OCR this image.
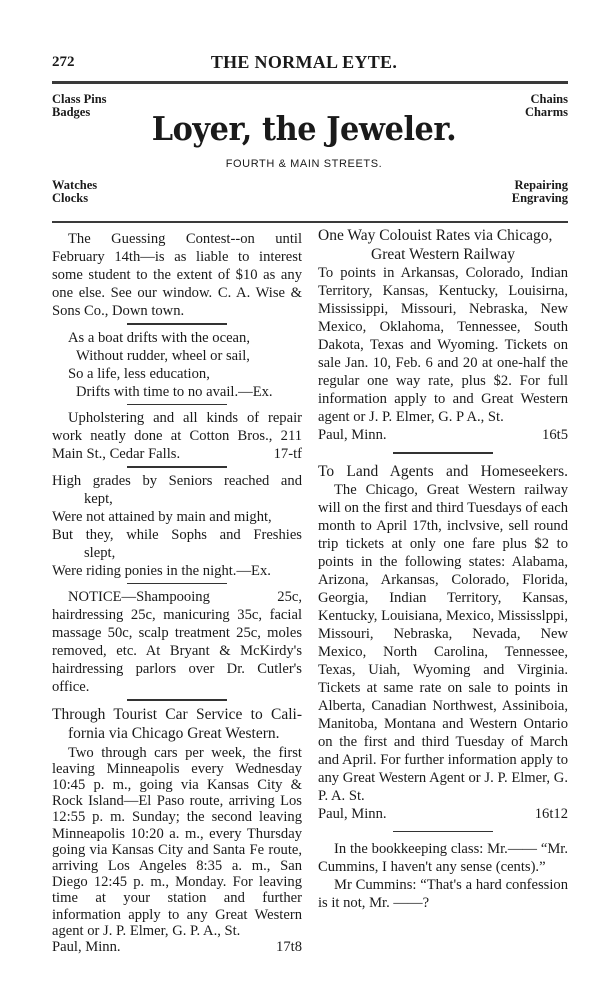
272	THE NORMAL EYTE.
Class Pins
Badges
Chains
Charms
Loyer, the Jeweler.
FOURTH & MAIN STREETS.
Watches
Clocks
Repairing
Engraving

The Guessing Contest--on until February 14th—is as liable to interest some student to the extent of $10 as any one else. See our window. C. A. Wise & Sons Co., Down town.

As a boat drifts with the ocean,
Without rudder, wheel or sail,
So a life, less education,
Drifts with time to no avail.—Ex.

Upholstering and all kinds of repair work neatly done at Cotton Bros., 211 Main St., Cedar Falls.	17-tf
High grades by Seniors reached and
kept,
Were not attained by main and might,
But they, while Sophs and Freshies
slept,
Were riding ponies in the night.—Ex.

NOTICE—Shampooing 25c, hairdressing 25c, manicuring 35c, facial massage 50c, scalp treatment 25c, moles removed, etc. At Bryant & McKirdy's hairdressing parlors over Dr. Cutler's office.

Through Tourist Car Service to Cali-
fornia via Chicago Great Western.

Two through cars per week, the first leaving Minneapolis every Wednesday 10:45 p. m., going via Kansas City & Rock Island—El Paso route, arriving Los 12:55 p. m. Sunday; the second leaving Minneapolis 10:20 a. m., every Thursday going via Kansas City and Santa Fe route, arriving Los Angeles 8:35 a. m., San Diego 12:45 p. m., Monday. For leaving time at your station and further information apply to any Great Western agent or J. P. Elmer, G. P. A., St.

Paul, Minn.	17t8
One Way Colouist Rates via Chicago,
Great Western Railway

To points in Arkansas, Colorado, Indian Territory, Kansas, Kentucky, Louisirna, Mississippi, Missouri, Nebraska, New Mexico, Oklahoma, Tennessee, South Dakota, Texas and Wyoming. Tickets on sale Jan. 10, Feb. 6 and 20 at one-half the regular one way rate, plus $2. For full information apply to and Great Western agent or J. P. Elmer, G. P A., St.

Paul, Minn.	16t5
To Land Agents and Homeseekers.

The Chicago, Great Western railway will on the first and third Tuesdays of each month to April 17th, inclvsive, sell round trip tickets at only one fare plus $2 to points in the following states: Alabama, Arizona, Arkansas, Colorado, Florida, Georgia, Indian Territory, Kansas, Kentucky, Louisiana, Mexico, Mississlppi, Missouri, Nebraska, Nevada, New Mexico, North Carolina, Tennessee, Texas, Uiah, Wyoming and Virginia. Tickets at same rate on sale to points in Alberta, Canadian Northwest, Assiniboia, Manitoba, Montana and Western Ontario on the first and third Tuesday of March and April. For further information apply to any Great Western Agent or J. P. Elmer, G. P. A. St.

Paul, Minn.	16t12

In the bookkeeping class: Mr.—— “Mr. Cummins, I haven't any sense (cents).”

Mr Cummins: “That's a hard confession is it not, Mr. ——?
